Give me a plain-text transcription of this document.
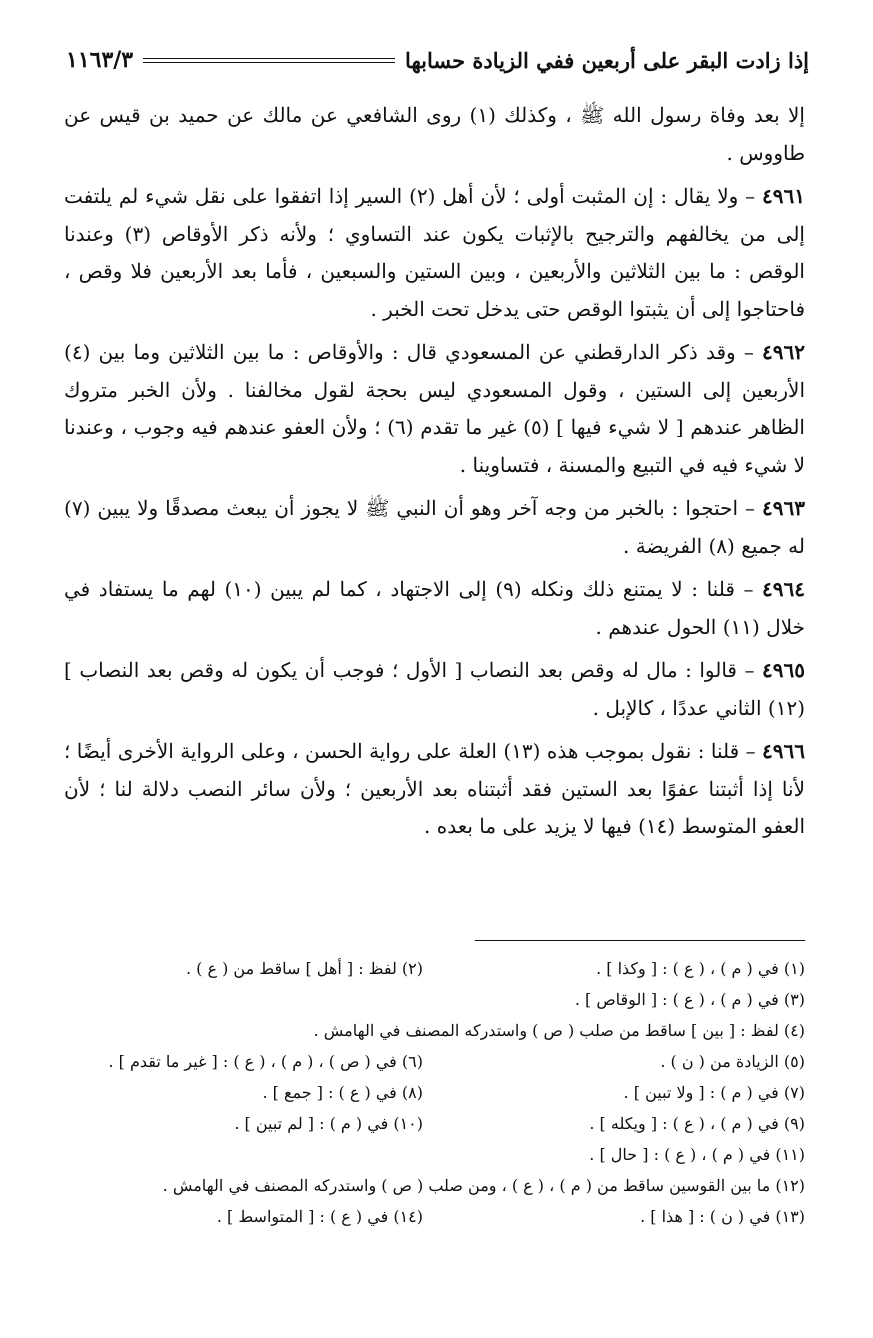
إذا زادت البقر على أربعين ففي الزيادة حسابها
١١٦٣/٣

إلا بعد وفاة رسول الله ﷺ ، وكذلك (١) روى الشافعي عن مالك عن حميد بن قيس عن طاووس .

٤٩٦١ – ولا يقال : إن المثبت أولى ؛ لأن أهل (٢) السير إذا اتفقوا على نقل شيء لم يلتفت إلى من يخالفهم والترجيح بالإثبات يكون عند التساوي ؛ ولأنه ذكر الأوقاص (٣) وعندنا الوقص : ما بين الثلاثين والأربعين ، وبين الستين والسبعين ، فأما بعد الأربعين فلا وقص ، فاحتاجوا إلى أن يثبتوا الوقص حتى يدخل تحت الخبر .

٤٩٦٢ – وقد ذكر الدارقطني عن المسعودي قال : والأوقاص : ما بين الثلاثين وما بين (٤) الأربعين إلى الستين ، وقول المسعودي ليس بحجة لقول مخالفنا . ولأن الخبر متروك الظاهر عندهم [ لا شيء فيها ] (٥) غير ما تقدم (٦) ؛ ولأن العفو عندهم فيه وجوب ، وعندنا لا شيء فيه في التبيع والمسنة ، فتساوينا .

٤٩٦٣ – احتجوا : بالخبر من وجه آخر وهو أن النبي ﷺ لا يجوز أن يبعث مصدقًا ولا يبين (٧) له جميع (٨) الفريضة .

٤٩٦٤ – قلنا : لا يمتنع ذلك ونكله (٩) إلى الاجتهاد ، كما لم يبين (١٠) لهم ما يستفاد في خلال (١١) الحول عندهم .

٤٩٦٥ – قالوا : مال له وقص بعد النصاب [ الأول ؛ فوجب أن يكون له وقص بعد النصاب ] (١٢) الثاني عددًا ، كالإبل .

٤٩٦٦ – قلنا : نقول بموجب هذه (١٣) العلة على رواية الحسن ، وعلى الرواية الأخرى أيضًا ؛ لأنا إذا أثبتنا عفوًا بعد الستين فقد أثبتناه بعد الأربعين ؛ ولأن سائر النصب دلالة لنا ؛ لأن العفو المتوسط (١٤) فيها لا يزيد على ما بعده .

(١) في ( م ) ، ( ع ) : [ وكذا ] .
(٢) لفظ : [ أهل ] ساقط من ( ع ) .
(٣) في ( م ) ، ( ع ) : [ الوقاص ] .
(٤) لفظ : [ بين ] ساقط من صلب ( ص ) واستدركه المصنف في الهامش .
(٥) الزيادة من ( ن ) .
(٦) في ( ص ) ، ( م ) ، ( ع ) : [ غير ما تقدم ] .
(٧) في ( م ) : [ ولا تبين ] .
(٨) في ( ع ) : [ جمع ] .
(٩) في ( م ) ، ( ع ) : [ ويكله ] .
(١٠) في ( م ) : [ لم تبين ] .
(١١) في ( م ) ، ( ع ) : [ حال ] .
(١٢) ما بين القوسين ساقط من ( م ) ، ( ع ) ، ومن صلب ( ص ) واستدركه المصنف في الهامش .
(١٣) في ( ن ) : [ هذا ] .
(١٤) في ( ع ) : [ المتواسط ] .
